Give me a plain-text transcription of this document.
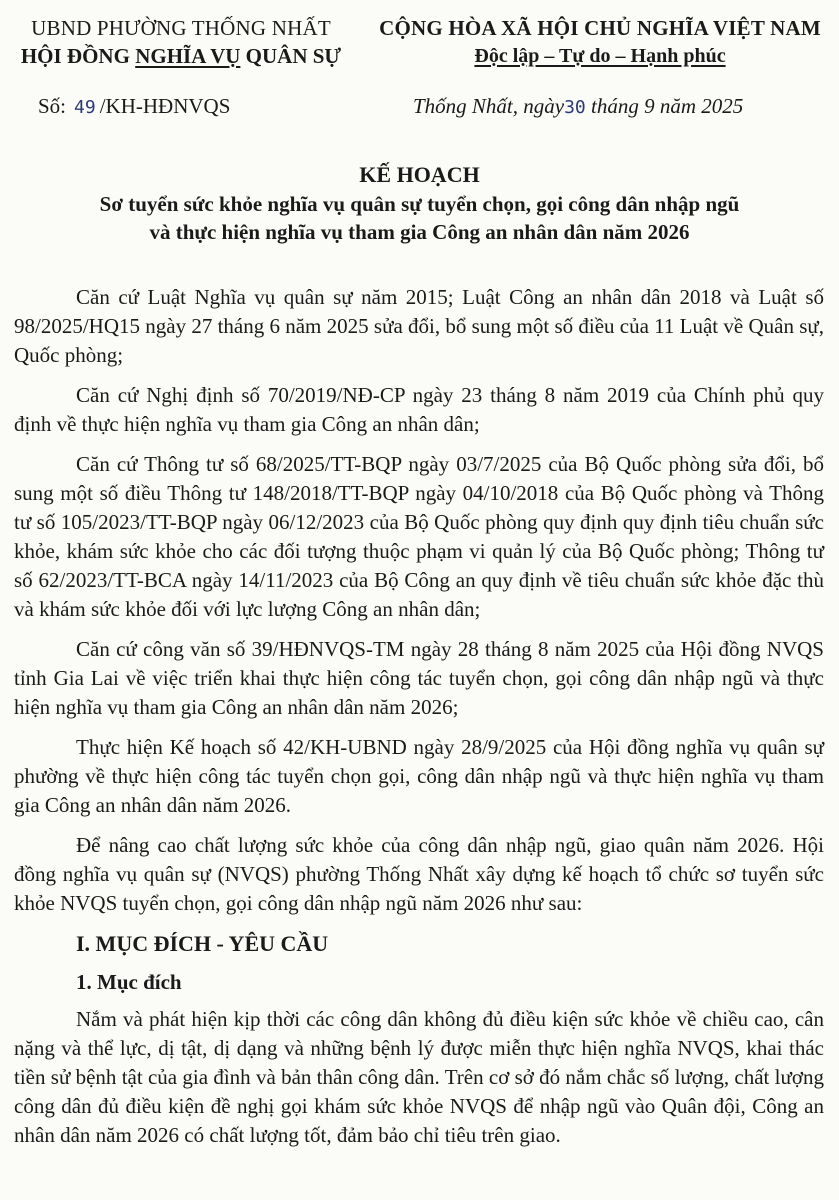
UBND PHƯỜNG THỐNG NHẤT
HỘI ĐỒNG NGHĨA VỤ QUÂN SỰ
CỘNG HÒA XÃ HỘI CHỦ NGHĨA VIỆT NAM
Độc lập – Tự do – Hạnh phúc
Số: 49 /KH-HĐNVQS	Thống Nhất, ngày30 tháng 9 năm 2025
KẾ HOẠCH
Sơ tuyển sức khỏe nghĩa vụ quân sự tuyển chọn, gọi công dân nhập ngũ
và thực hiện nghĩa vụ tham gia Công an nhân dân năm 2026

Căn cứ Luật Nghĩa vụ quân sự năm 2015; Luật Công an nhân dân 2018 và Luật số 98/2025/HQ15 ngày 27 tháng 6 năm 2025 sửa đổi, bổ sung một số điều của 11 Luật về Quân sự, Quốc phòng;

Căn cứ Nghị định số 70/2019/NĐ-CP ngày 23 tháng 8 năm 2019 của Chính phủ quy định về thực hiện nghĩa vụ tham gia Công an nhân dân;

Căn cứ Thông tư số 68/2025/TT-BQP ngày 03/7/2025 của Bộ Quốc phòng sửa đổi, bổ sung một số điều Thông tư 148/2018/TT-BQP ngày 04/10/2018 của Bộ Quốc phòng và Thông tư số 105/2023/TT-BQP ngày 06/12/2023 của Bộ Quốc phòng quy định quy định tiêu chuẩn sức khỏe, khám sức khỏe cho các đối tượng thuộc phạm vi quản lý của Bộ Quốc phòng; Thông tư số 62/2023/TT-BCA ngày 14/11/2023 của Bộ Công an quy định về tiêu chuẩn sức khỏe đặc thù và khám sức khỏe đối với lực lượng Công an nhân dân;

Căn cứ công văn số 39/HĐNVQS-TM ngày 28 tháng 8 năm 2025 của Hội đồng NVQS tỉnh Gia Lai về việc triển khai thực hiện công tác tuyển chọn, gọi công dân nhập ngũ và thực hiện nghĩa vụ tham gia Công an nhân dân năm 2026;

Thực hiện Kế hoạch số 42/KH-UBND ngày 28/9/2025 của Hội đồng nghĩa vụ quân sự phường về thực hiện công tác tuyển chọn gọi, công dân nhập ngũ và thực hiện nghĩa vụ tham gia Công an nhân dân năm 2026.

Để nâng cao chất lượng sức khỏe của công dân nhập ngũ, giao quân năm 2026. Hội đồng nghĩa vụ quân sự (NVQS) phường Thống Nhất xây dựng kế hoạch tổ chức sơ tuyển sức khỏe NVQS tuyển chọn, gọi công dân nhập ngũ năm 2026 như sau:

I. MỤC ĐÍCH - YÊU CẦU
1. Mục đích

Nắm và phát hiện kịp thời các công dân không đủ điều kiện sức khỏe về chiều cao, cân nặng và thể lực, dị tật, dị dạng và những bệnh lý được miễn thực hiện nghĩa NVQS, khai thác tiền sử bệnh tật của gia đình và bản thân công dân. Trên cơ sở đó nắm chắc số lượng, chất lượng công dân đủ điều kiện đề nghị gọi khám sức khỏe NVQS để nhập ngũ vào Quân đội, Công an nhân dân năm 2026 có chất lượng tốt, đảm bảo chỉ tiêu trên giao.
